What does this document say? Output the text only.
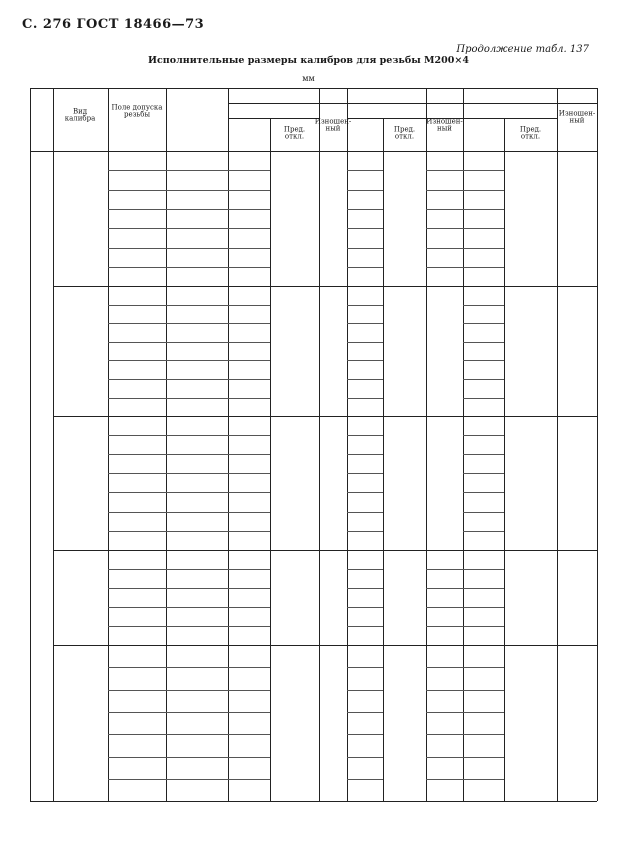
С. 276 ГОСТ 18466—73
Продолжение табл. 137
Исполнительные размеры калибров для резьбы М200×4
мм
Вид
калибра
Поле допуска
резьбы
Пред.
откл.
Пред.
откл.
Пред.
откл.
Изношен-
ный
Изношен-
ный
Изношен-
ный
